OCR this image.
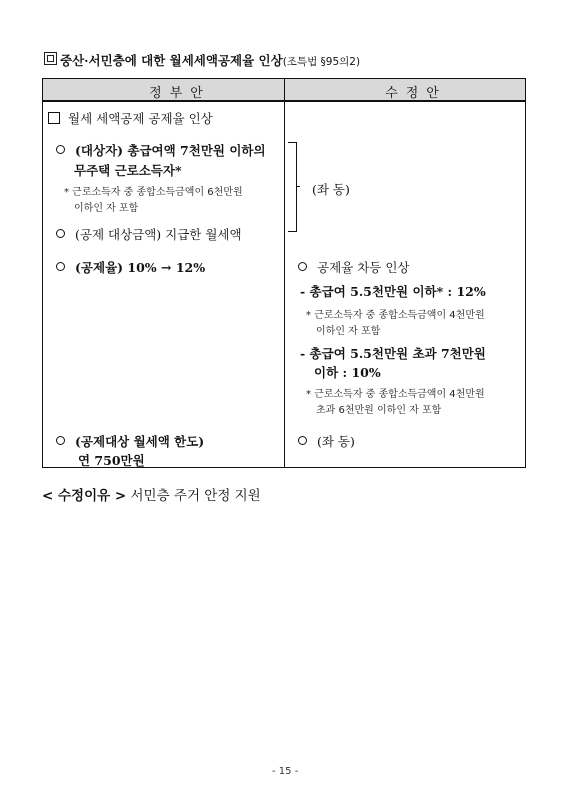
중산·서민층에 대한 월세세액공제율 인상(조특법 §95의2)
정부안	수정안
월세 세액공제 공제율 인상
(대상자) 총급여액 7천만원 이하의
무주택 근로소득자*
* 근로소득자 중 종합소득금액이 6천만원
이하인 자 포함
(공제 대상금액) 지급한 월세액
(공제율) 10% → 12%
(공제대상 월세액 한도)
연 750만원
(좌 동)
공제율 차등 인상
- 총급여 5.5천만원 이하* : 12%
* 근로소득자 중 종합소득금액이 4천만원
이하인 자 포함
- 총급여 5.5천만원 초과 7천만원
이하 : 10%
* 근로소득자 중 종합소득금액이 4천만원
초과 6천만원 이하인 자 포함
(좌 동)
< 수정이유 > 서민층 주거 안정 지원
- 15 -
